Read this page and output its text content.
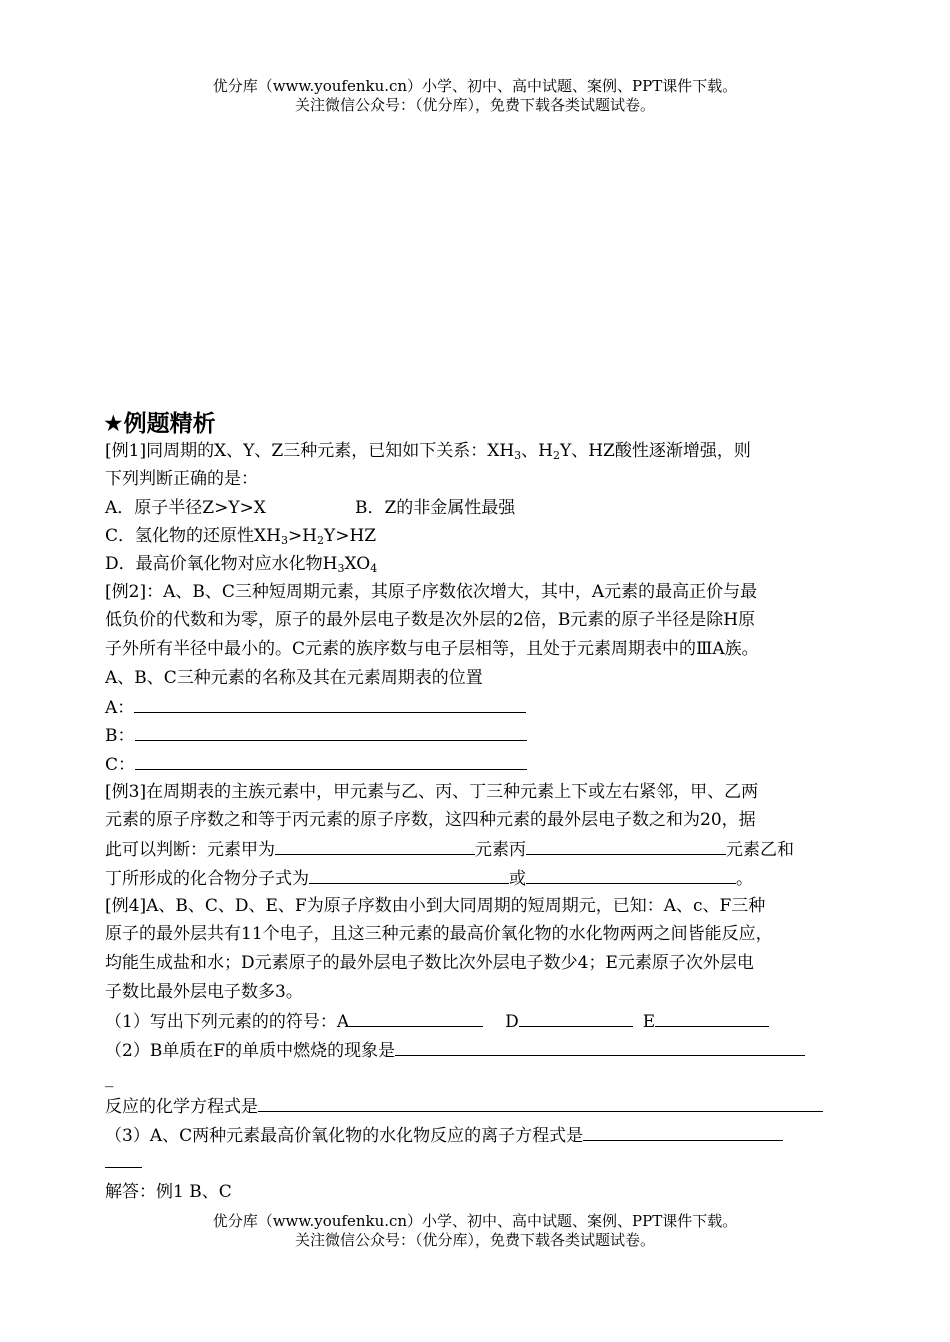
优分库（www.youfenku.cn）小学、初中、高中试题、案例、PPT课件下载。
关注微信公众号：（优分库），免费下载各类试题试卷。
★例题精析
[例1]同周期的X、Y、Z三种元素，已知如下关系：$XH_3$、$H_2Y$、HZ酸性逐渐增强，则
下列判断正确的是：
A．原子半径Z>Y>X	B．Z的非金属性最强
C．氢化物的还原性$XH_3>H_2Y>HZ$
D．最高价氧化物对应水化物$H_3XO_4$
[例2]：A、B、C三种短周期元素，其原子序数依次增大，其中，A元素的最高正价与最
低负价的代数和为零，原子的最外层电子数是次外层的2倍，B元素的原子半径是除H原
子外所有半径中最小的。C元素的族序数与电子层相等，且处于元素周期表中的ⅢA族。
A、B、C三种元素的名称及其在元素周期表的位置
A：
B：
C：
[例3]在周期表的主族元素中，甲元素与乙、丙、丁三种元素上下或左右紧邻，甲、乙两
元素的原子序数之和等于丙元素的原子序数，这四种元素的最外层电子数之和为20，据
此可以判断：元素甲为	元素丙	元素乙和
丁所形成的化合物分子式为	或	。
[例4]A、B、C、D、E、F为原子序数由小到大同周期的短周期元，已知：A、c、F三种
原子的最外层共有11个电子，且这三种元素的最高价氧化物的水化物两两之间皆能反应，
均能生成盐和水；D元素原子的最外层电子数比次外层电子数少4；E元素原子次外层电
子数比最外层电子数多3。
（1）写出下列元素的的符号：A	D	E
（2）B单质在F的单质中燃烧的现象是
_
反应的化学方程式是
（3）A、C两种元素最高价氧化物的水化物反应的离子方程式是
解答：例1 B、C
优分库（www.youfenku.cn）小学、初中、高中试题、案例、PPT课件下载。
关注微信公众号：（优分库），免费下载各类试题试卷。
